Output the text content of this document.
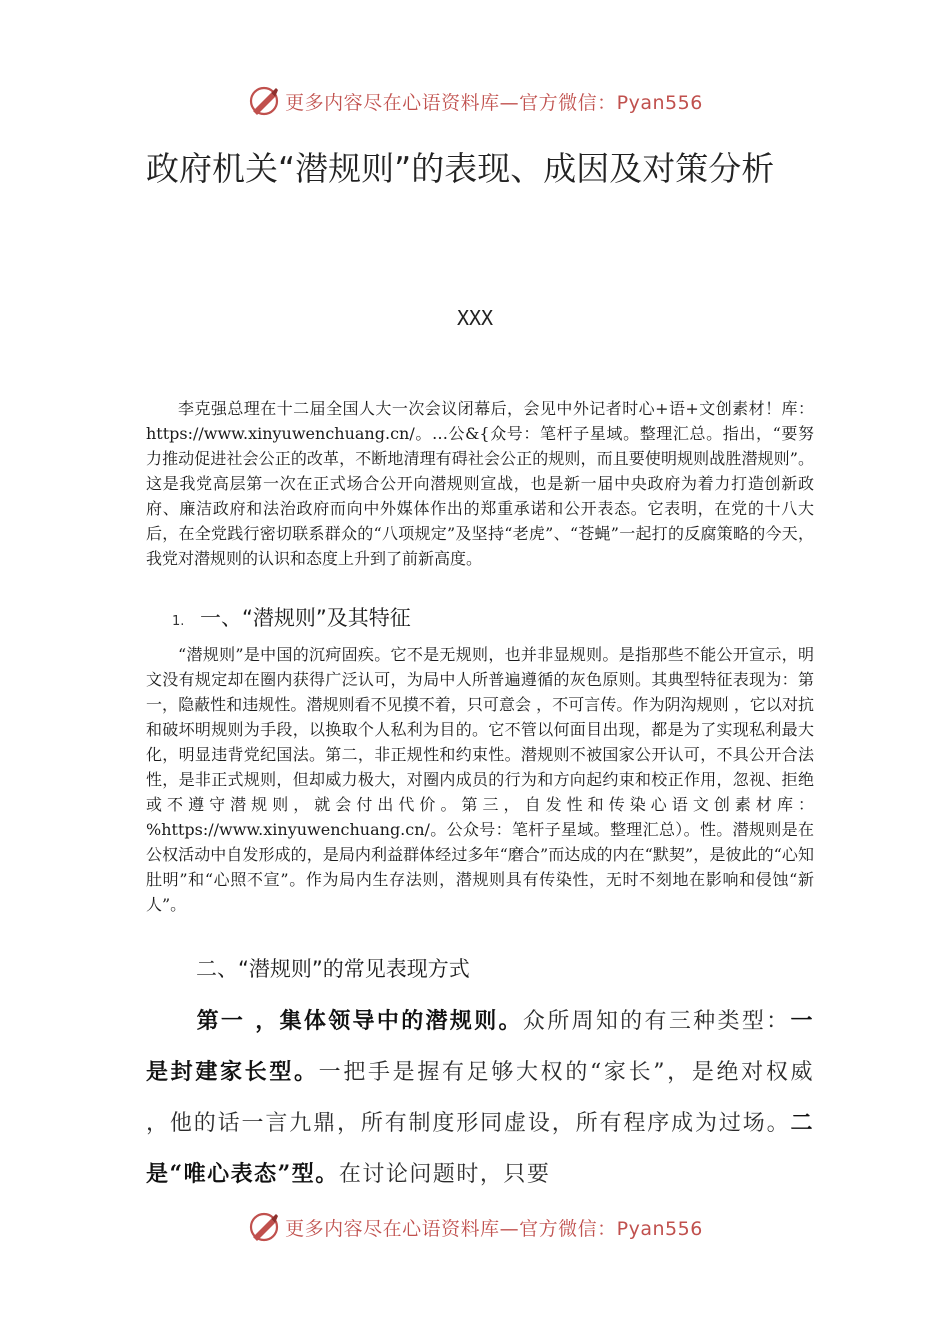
更多内容尽在心语资料库—官方微信：Pyan556
政府机关“潜规则”的表现、成因及对策分析
XXX

李克强总理在十二届全国人大一次会议闭幕后，会见中外记者时心+语+文创素材！库：https://www.xinyuwenchuang.cn/。…公&{众号：笔杆子星域。整理汇总。指出，“要努力推动促进社会公正的改革，不断地清理有碍社会公正的规则，而且要使明规则战胜潜规则”。这是我党高层第一次在正式场合公开向潜规则宣战，也是新一届中央政府为着力打造创新政府、廉洁政府和法治政府而向中外媒体作出的郑重承诺和公开表态。它表明，在党的十八大后，在全党践行密切联系群众的“八项规定”及坚持“老虎”、“苍蝇”一起打的反腐策略的今天，我党对潜规则的认识和态度上升到了前新高度。

1. 一、“潜规则”及其特征

“潜规则”是中国的沉疴固疾。它不是无规则，也并非显规则。是指那些不能公开宣示，明文没有规定却在圈内获得广泛认可，为局中人所普遍遵循的灰色原则。其典型特征表现为：第一，隐蔽性和违规性。潜规则看不见摸不着，只可意会 ，不可言传。作为阴沟规则 ，它以对抗和破坏明规则为手段，以换取个人私利为目的。它不管以何面目出现，都是为了实现私利最大化，明显违背党纪国法。第二，非正规性和约束性。潜规则不被国家公开认可，不具公开合法性，是非正式规则，但却威力极大，对圈内成员的行为和方向起约束和校正作用，忽视、拒绝或不遵守潜规则，就会付出代价。第三，自发性和传染心语文创素材库：%https://www.xinyuwenchuang.cn/。公众号：笔杆子星域。整理汇总）。性。潜规则是在公权活动中自发形成的，是局内利益群体经过多年“磨合”而达成的内在“默契”，是彼此的“心知肚明”和“心照不宣”。作为局内生存法则，潜规则具有传染性，无时不刻地在影响和侵蚀“新人”。

二、“潜规则”的常见表现方式

第一 ，集体领导中的潜规则。众所周知的有三种类型：一是封建家长型。一把手是握有足够大权的“家长”，是绝对权威 ，他的话一言九鼎，所有制度形同虚设，所有程序成为过场。二是“唯心表态”型。在讨论问题时，只要

更多内容尽在心语资料库—官方微信：Pyan556
